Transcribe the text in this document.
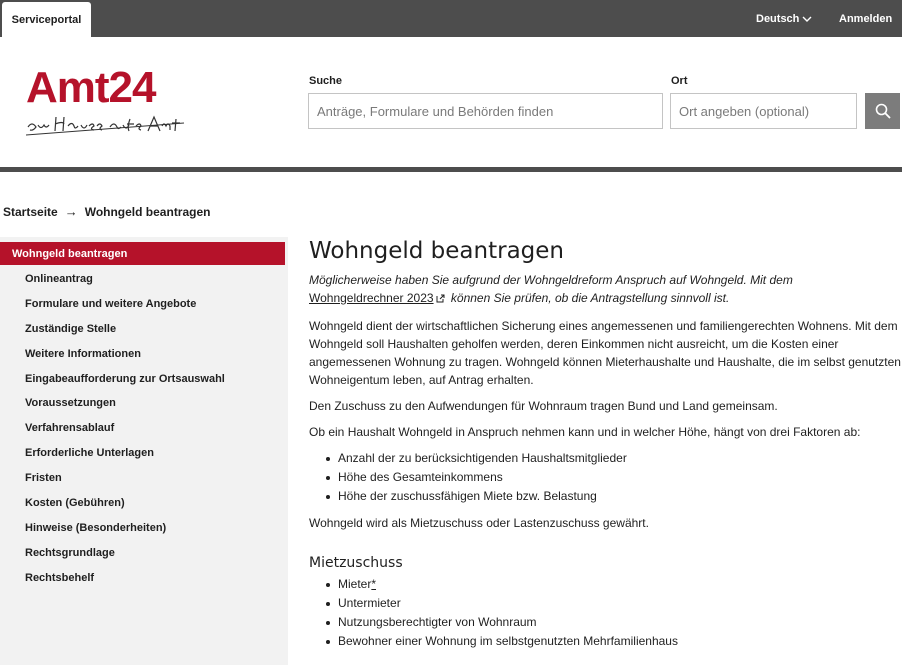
Serviceportal	Deutsch	Anmelden
Amt24	Suche
Anträge, Formulare und Behörden finden	Ort
Ort angeben (optional)
Startseite → Wohngeld beantragen
Wohngeld beantragen
Onlineantrag
Formulare und weitere Angebote
Zuständige Stelle
Weitere Informationen
Eingabeaufforderung zur Ortsauswahl
Voraussetzungen
Verfahrensablauf
Erforderliche Unterlagen
Fristen
Kosten (Gebühren)
Hinweise (Besonderheiten)
Rechtsgrundlage
Rechtsbehelf
Wohngeld beantragen
Möglicherweise haben Sie aufgrund der Wohngeldreform Anspruch auf Wohngeld. Mit dem
Wohngeldrechner 2023 können Sie prüfen, ob die Antragstellung sinnvoll ist.

Wohngeld dient der wirtschaftlichen Sicherung eines angemessenen und familiengerechten Wohnens. Mit dem Wohngeld soll Haushalten geholfen werden, deren Einkommen nicht ausreicht, um die Kosten einer angemessenen Wohnung zu tragen. Wohngeld können Mieterhaushalte und Haushalte, die im selbst genutzten Wohneigentum leben, auf Antrag erhalten.

Den Zuschuss zu den Aufwendungen für Wohnraum tragen Bund und Land gemeinsam.

Ob ein Haushalt Wohngeld in Anspruch nehmen kann und in welcher Höhe, hängt von drei Faktoren ab:

Anzahl der zu berücksichtigenden Haushaltsmitglieder
Höhe des Gesamteinkommens
Höhe der zuschussfähigen Miete bzw. Belastung

Wohngeld wird als Mietzuschuss oder Lastenzuschuss gewährt.

Mietzuschuss
Mieter*
Untermieter
Nutzungsberechtigter von Wohnraum
Bewohner einer Wohnung im selbstgenutzten Mehrfamilienhaus
